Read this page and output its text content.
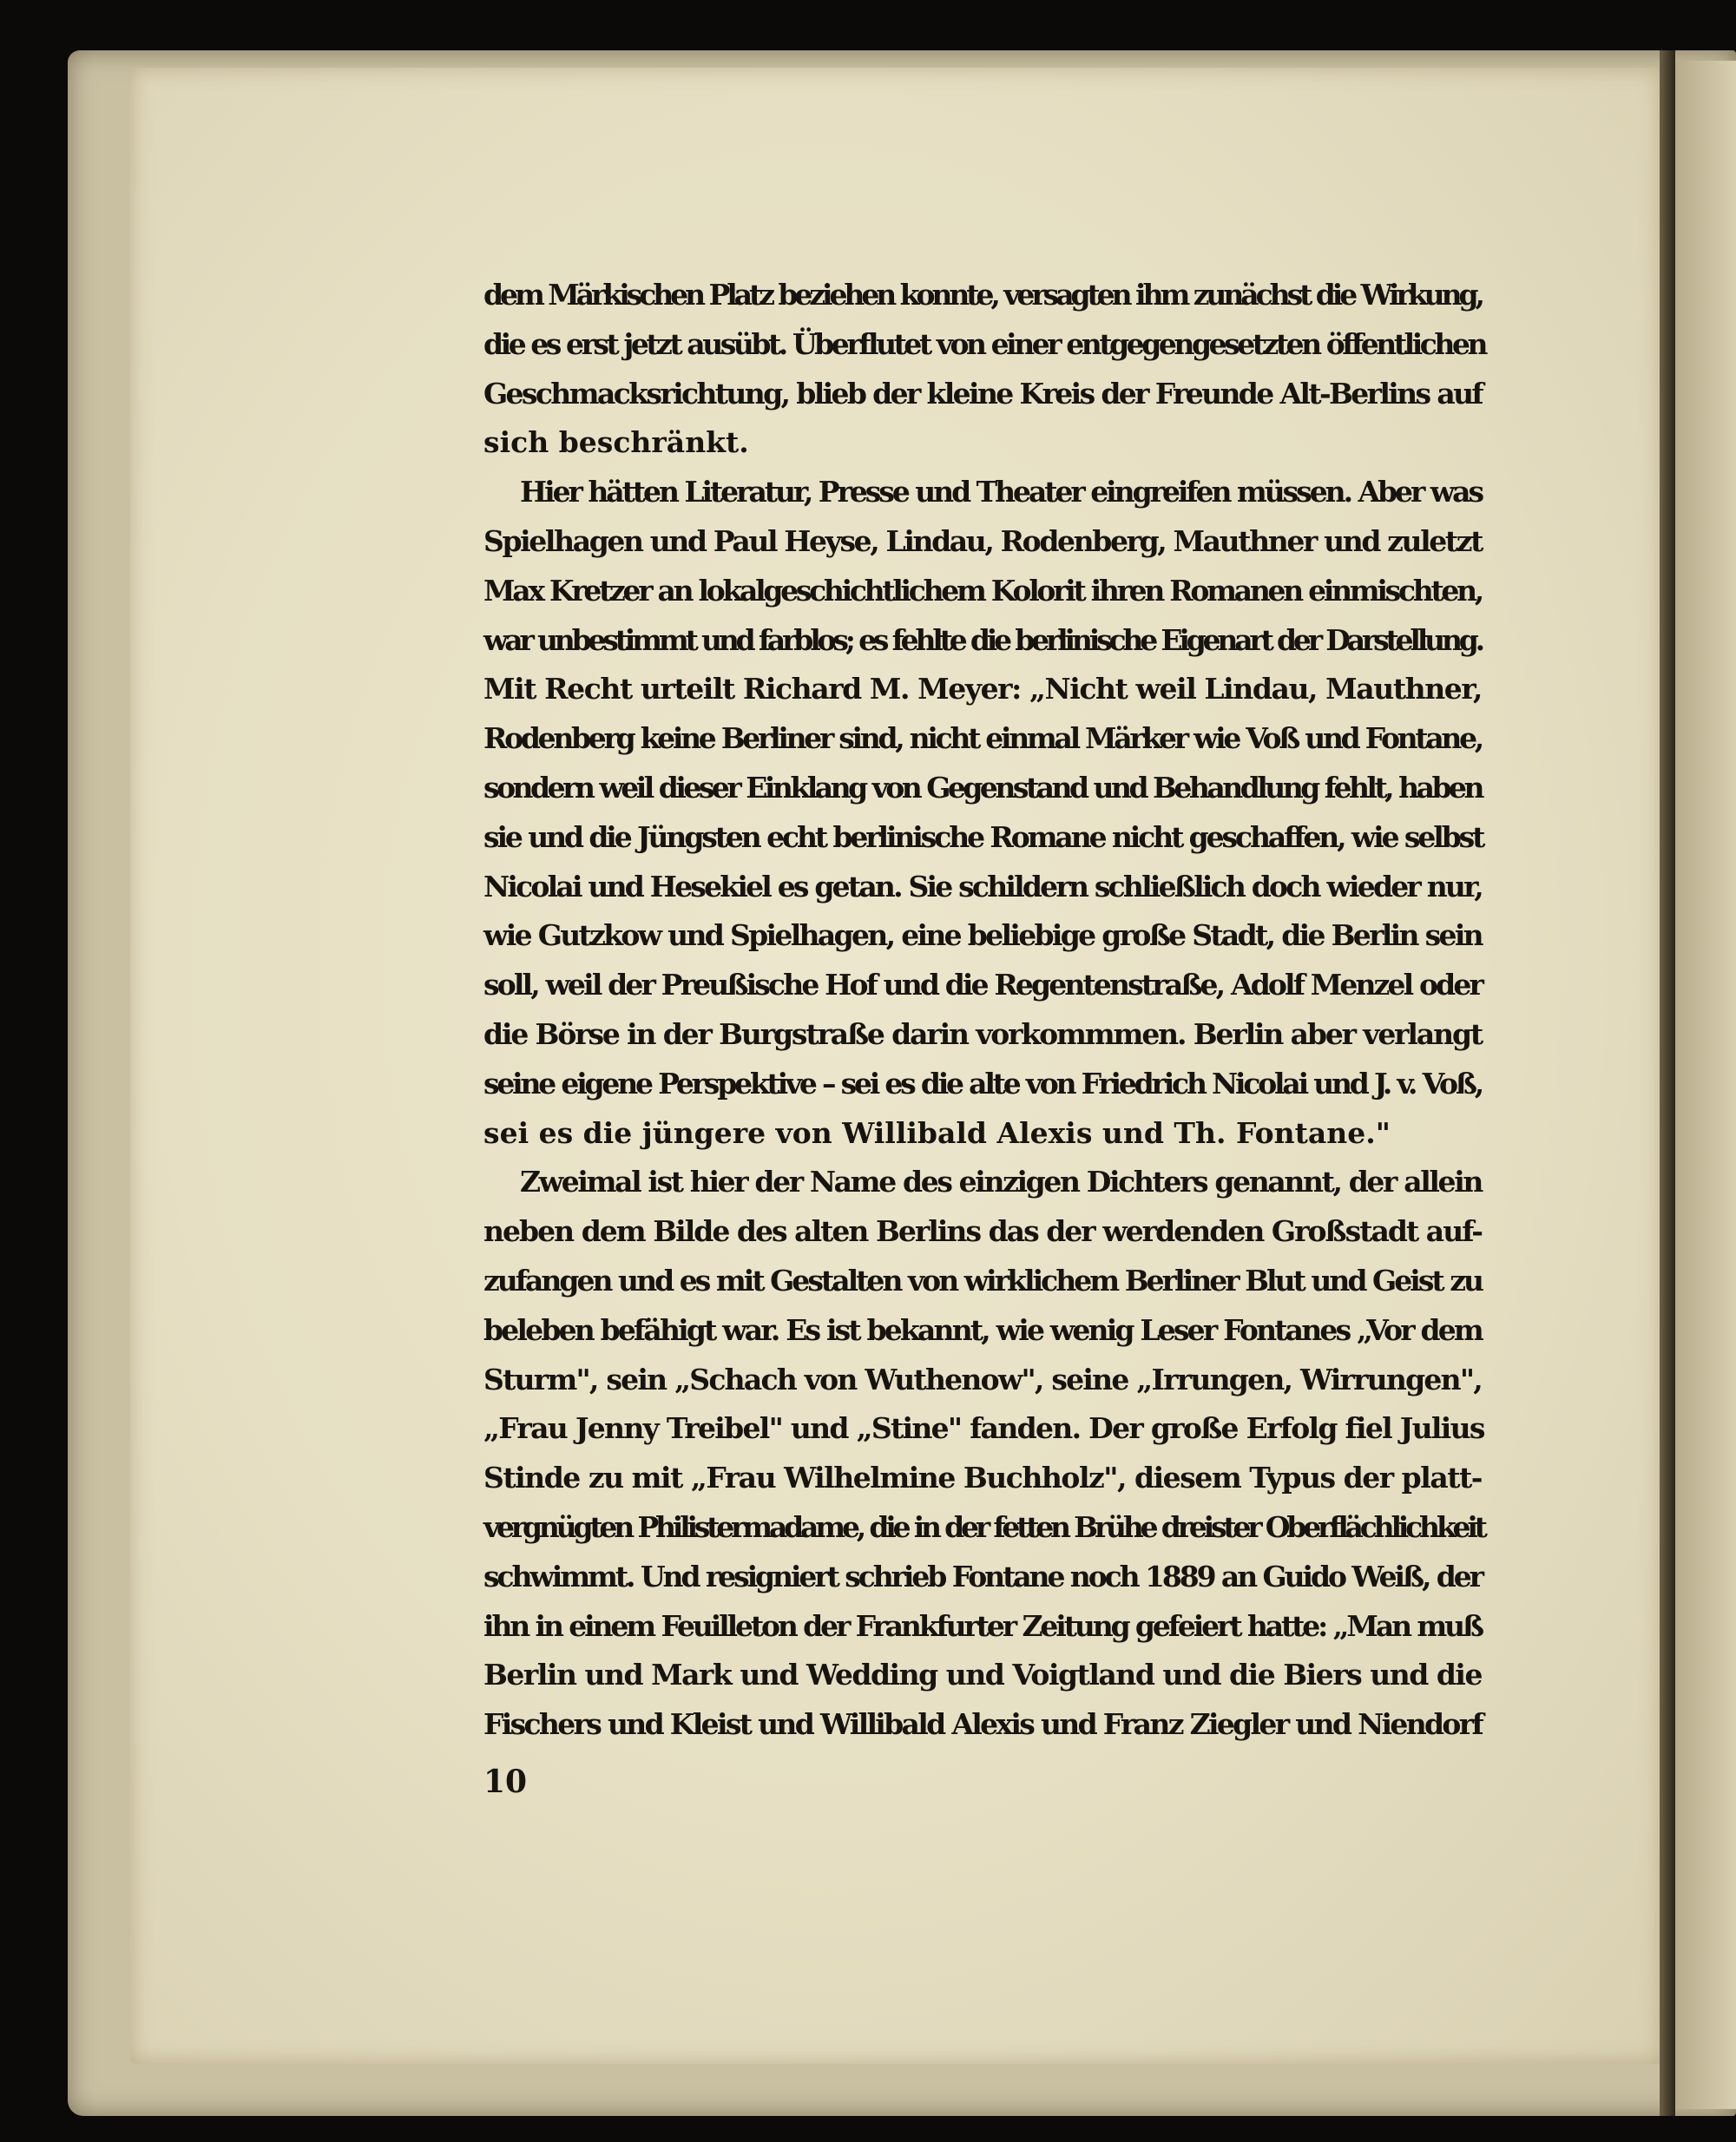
dem Märkischen Platz beziehen konnte, versagten ihm zunächst die Wirkung,
die es erst jetzt ausübt. Überflutet von einer entgegengesetzten öffentlichen
Geschmacksrichtung, blieb der kleine Kreis der Freunde Alt-Berlins auf
sich beschränkt.
Hier hätten Literatur, Presse und Theater eingreifen müssen. Aber was
Spielhagen und Paul Heyse, Lindau, Rodenberg, Mauthner und zuletzt
Max Kretzer an lokalgeschichtlichem Kolorit ihren Romanen einmischten,
war unbestimmt und farblos; es fehlte die berlinische Eigenart der Darstellung.
Mit Recht urteilt Richard M. Meyer: „Nicht weil Lindau, Mauthner,
Rodenberg keine Berliner sind, nicht einmal Märker wie Voß und Fontane,
sondern weil dieser Einklang von Gegenstand und Behandlung fehlt, haben
sie und die Jüngsten echt berlinische Romane nicht geschaffen, wie selbst
Nicolai und Hesekiel es getan. Sie schildern schließlich doch wieder nur,
wie Gutzkow und Spielhagen, eine beliebige große Stadt, die Berlin sein
soll, weil der Preußische Hof und die Regentenstraße, Adolf Menzel oder
die Börse in der Burgstraße darin vorkommmen. Berlin aber verlangt
seine eigene Perspektive – sei es die alte von Friedrich Nicolai und J. v. Voß,
sei es die jüngere von Willibald Alexis und Th. Fontane."
Zweimal ist hier der Name des einzigen Dichters genannt, der allein
neben dem Bilde des alten Berlins das der werdenden Großstadt auf-
zufangen und es mit Gestalten von wirklichem Berliner Blut und Geist zu
beleben befähigt war. Es ist bekannt, wie wenig Leser Fontanes „Vor dem
Sturm", sein „Schach von Wuthenow", seine „Irrungen, Wirrungen",
„Frau Jenny Treibel" und „Stine" fanden. Der große Erfolg fiel Julius
Stinde zu mit „Frau Wilhelmine Buchholz", diesem Typus der platt-
vergnügten Philistermadame, die in der fetten Brühe dreister Oberflächlichkeit
schwimmt. Und resigniert schrieb Fontane noch 1889 an Guido Weiß, der
ihn in einem Feuilleton der Frankfurter Zeitung gefeiert hatte: „Man muß
Berlin und Mark und Wedding und Voigtland und die Biers und die
Fischers und Kleist und Willibald Alexis und Franz Ziegler und Niendorf
10
